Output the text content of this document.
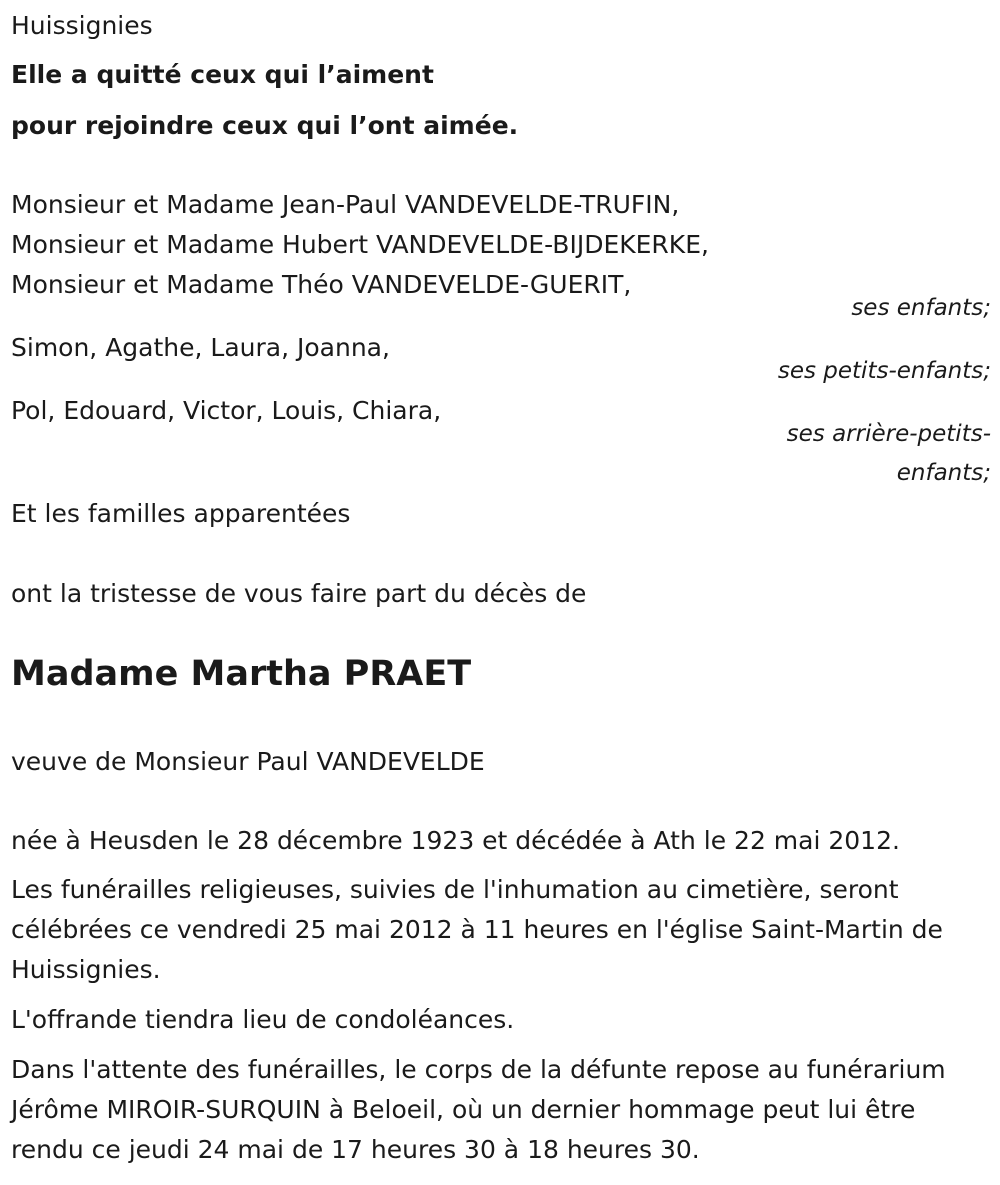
Huissignies
Elle a quitté ceux qui l’aiment
pour rejoindre ceux qui l’ont aimée.
Monsieur et Madame Jean-Paul VANDEVELDE-TRUFIN,
Monsieur et Madame Hubert VANDEVELDE-BIJDEKERKE,
Monsieur et Madame Théo VANDEVELDE-GUERIT,
ses enfants;
Simon, Agathe, Laura, Joanna,
ses petits-enfants;
Pol, Edouard, Victor, Louis, Chiara,
ses arrière-petits-
enfants;
Et les familles apparentées
ont la tristesse de vous faire part du décès de
Madame Martha PRAET
veuve de Monsieur Paul VANDEVELDE
née à Heusden le 28 décembre 1923 et décédée à Ath le 22 mai 2012.
Les funérailles religieuses, suivies de l'inhumation au cimetière, seront célébrées ce vendredi 25 mai 2012 à 11 heures en l'église Saint-Martin de Huissignies.
L'offrande tiendra lieu de condoléances.
Dans l'attente des funérailles, le corps de la défunte repose au funérarium Jérôme MIROIR-SURQUIN à Beloeil, où un dernier hommage peut lui être rendu ce jeudi 24 mai de 17 heures 30 à 18 heures 30.
